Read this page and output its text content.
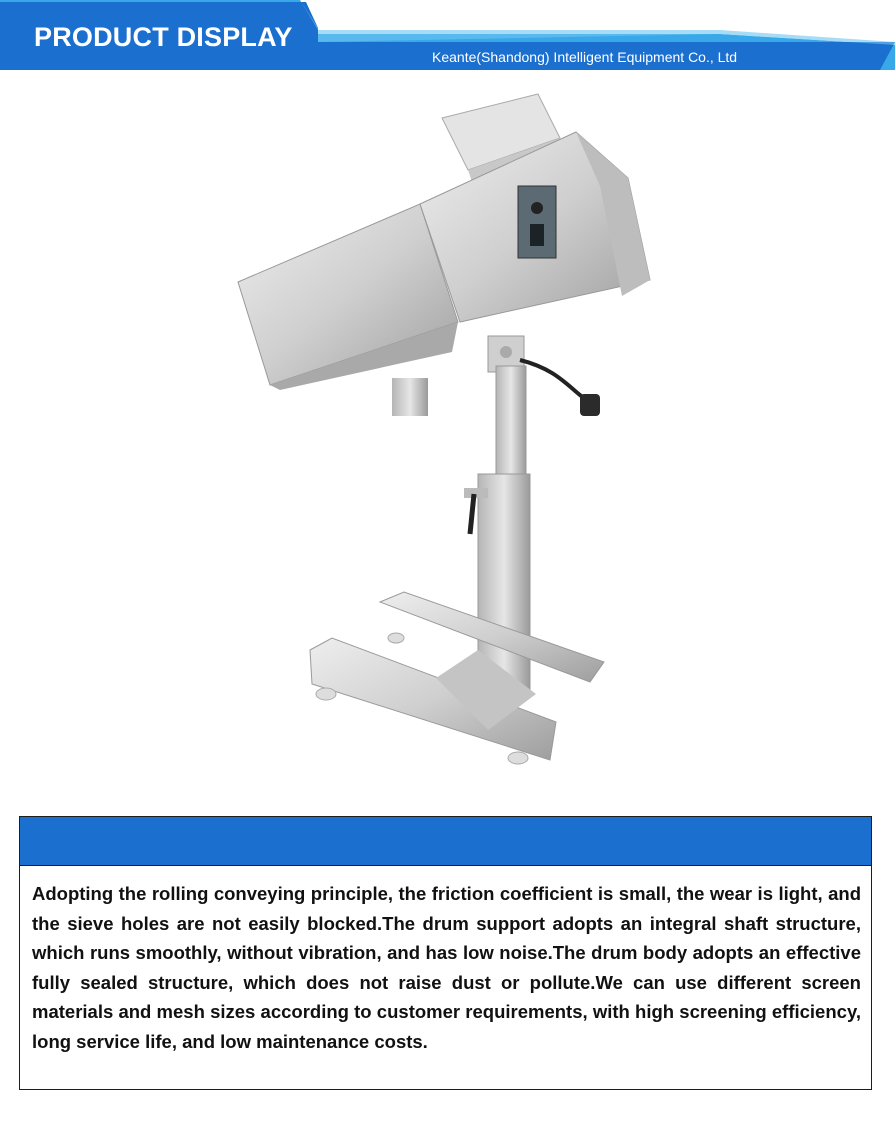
PRODUCT DISPLAY
Keante(Shandong) Intelligent Equipment Co., Ltd
Adopting the rolling conveying principle, the friction coefficient is small, the wear is light, and the sieve holes are not easily blocked.The drum support adopts an integral shaft structure, which runs smoothly, without vibration, and has low noise.The drum body adopts an effective fully sealed structure, which does not raise dust or pollute.We can use different screen materials and mesh sizes according to customer requirements, with high screening efficiency, long service life, and low maintenance costs.
